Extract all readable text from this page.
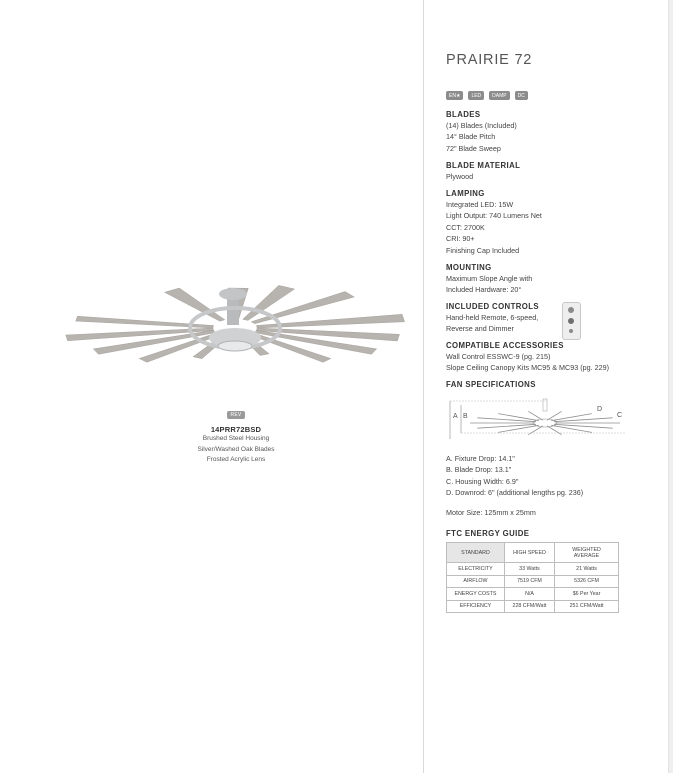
REV
14PRR72BSD
Brushed Steel Housing
Silver/Washed Oak Blades
Frosted Acrylic Lens
PRAIRIE 72
EN★	LED	DAMP	DC
BLADES
(14) Blades (Included)
14° Blade Pitch
72" Blade Sweep
BLADE MATERIAL
Plywood
LAMPING
Integrated LED: 15W
Light Output: 740 Lumens Net
CCT: 2700K
CRI: 90+
Finishing Cap Included
MOUNTING
Maximum Slope Angle with
Included Hardware: 20°
INCLUDED CONTROLS
Hand-held Remote, 6-speed,
Reverse and Dimmer
COMPATIBLE ACCESSORIES
Wall Control ESSWC-9 (pg. 215)
Slope Ceiling Canopy Kits MC95 & MC93 (pg. 229)
FAN SPECIFICATIONS
A B	C
D
A. Fixture Drop: 14.1"
B. Blade Drop: 13.1"
C. Housing Width: 6.9"
D. Downrod: 6" (additional lengths pg. 236)
Motor Size: 125mm x 25mm
FTC ENERGY GUIDE
STANDARD	HIGH SPEED	WEIGHTED AVERAGE
ELECTRICITY	33 Watts	21 Watts
AIRFLOW	7519 CFM	5326 CFM
ENERGY COSTS	N/A	$6 Per Year
EFFICIENCY	228 CFM/Watt	251 CFM/Watt
